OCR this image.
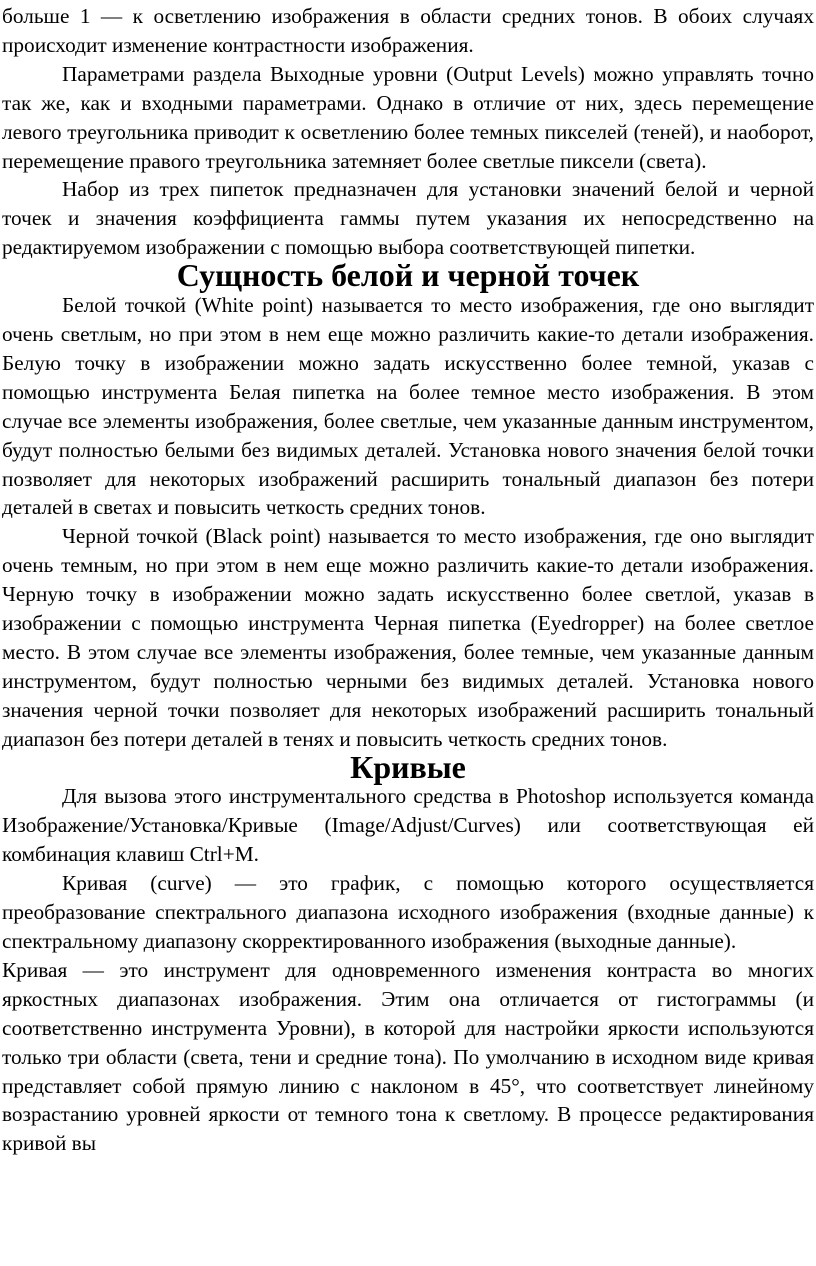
больше 1 — к осветлению изображения в области средних тонов. В обоих случаях происходит изменение контрастности изображения.

Параметрами раздела Выходные уровни (Output Levels) можно управлять точно так же, как и входными параметрами. Однако в отличие от них, здесь перемещение левого треугольника приводит к осветлению более темных пикселей (теней), и наоборот, перемещение правого треугольника затемняет более светлые пиксели (света).

Набор из трех пипеток предназначен для установки значений белой и черной точек и значения коэффициента гаммы путем указания их непосредственно на редактируемом изображении с помощью выбора соответствующей пипетки.

Сущность белой и черной точек

Белой точкой (White point) называется то место изображения, где оно выглядит очень светлым, но при этом в нем еще можно различить какие-то детали изображения. Белую точку в изображении можно задать искусственно более темной, указав с помощью инструмента Белая пипетка на более темное место изображения. В этом случае все элементы изображения, более светлые, чем указанные данным инструментом, будут полностью белыми без видимых деталей. Установка нового значения белой точки позволяет для некоторых изображений расширить тональный диапазон без потери деталей в светах и повысить четкость средних тонов.

Черной точкой (Black point) называется то место изображения, где оно выглядит очень темным, но при этом в нем еще можно различить какие-то детали изображения. Черную точку в изображении можно задать искусственно более светлой, указав в изображении с помощью инструмента Черная пипетка (Eyedropper) на более светлое место. В этом случае все элементы изображения, более темные, чем указанные данным инструментом, будут полностью черными без видимых деталей. Установка нового значения черной точки позволяет для некоторых изображений расширить тональный диапазон без потери деталей в тенях и повысить четкость средних тонов.

Кривые

Для вызова этого инструментального средства в Photoshop используется команда Изображение/Установка/Кривые (Image/Adjust/Curves) или соответствующая ей комбинация клавиш Ctrl+M.

Кривая (curve) — это график, с помощью которого осуществляется преобразование спектрального диапазона исходного изображения (входные данные) к спектральному диапазону скорректированного изображения (выходные данные).

Кривая — это инструмент для одновременного изменения контраста во многих яркостных диапазонах изображения. Этим она отличается от гистограммы (и соответственно инструмента Уровни), в которой для настройки яркости используются только три области (света, тени и средние тона). По умолчанию в исходном виде кривая представляет собой прямую линию с наклоном в 45°, что соответствует линейному возрастанию уровней яркости от темного тона к светлому. В процессе редактирования кривой вы
